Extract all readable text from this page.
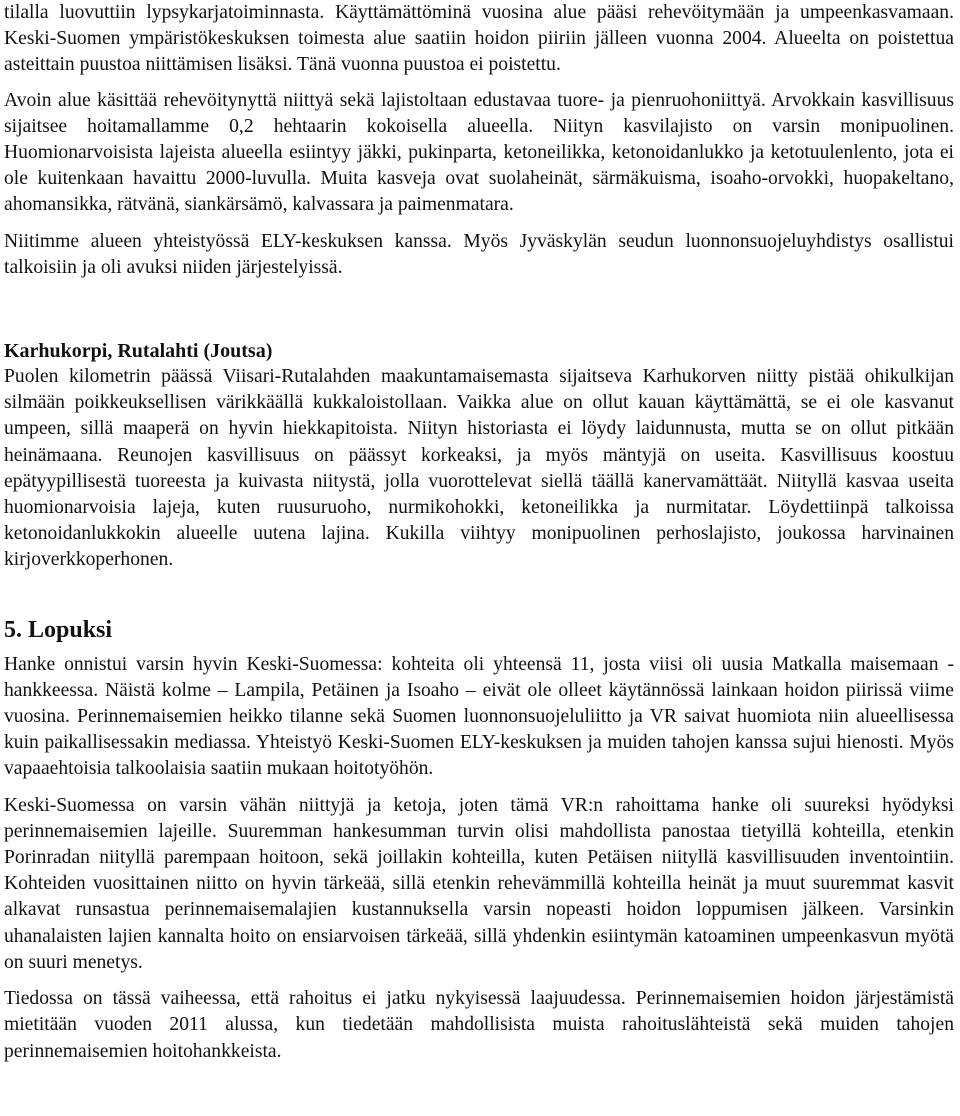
tilalla luovuttiin lypsykarjatoiminnasta. Käyttämättöminä vuosina alue pääsi rehevöitymään ja umpeenkasvamaan. Keski-Suomen ympäristökeskuksen toimesta alue saatiin hoidon piiriin jälleen vuonna 2004. Alueelta on poistettua asteittain puustoa niittämisen lisäksi. Tänä vuonna puustoa ei poistettu.

Avoin alue käsittää rehevöitynyttä niittyä sekä lajistoltaan edustavaa tuore- ja pienruohoniittyä. Arvokkain kasvillisuus sijaitsee hoitamallamme 0,2 hehtaarin kokoisella alueella. Niityn kasvilajisto on varsin monipuolinen. Huomionarvoisista lajeista alueella esiintyy jäkki, pukinparta, ketoneilikka, ketonoidanlukko ja ketotuulenlento, jota ei ole kuitenkaan havaittu 2000-luvulla. Muita kasveja ovat suolaheinät, särmäkuisma, isoaho-orvokki, huopakeltano, ahomansikka, rätvänä, siankärsämö, kalvassara ja paimenmatara.

Niitimme alueen yhteistyössä ELY-keskuksen kanssa. Myös Jyväskylän seudun luonnonsuojeluyhdistys osallistui talkoisiin ja oli avuksi niiden järjestelyissä.

Karhukorpi, Rutalahti (Joutsa)

Puolen kilometrin päässä Viisari-Rutalahden maakuntamaisemasta sijaitseva Karhukorven niitty pistää ohikulkijan silmään poikkeuksellisen värikkäällä kukkaloistollaan. Vaikka alue on ollut kauan käyttämättä, se ei ole kasvanut umpeen, sillä maaperä on hyvin hiekkapitoista. Niityn historiasta ei löydy laidunnusta, mutta se on ollut pitkään heinämaana. Reunojen kasvillisuus on päässyt korkeaksi, ja myös mäntyjä on useita. Kasvillisuus koostuu epätyypillisestä tuoreesta ja kuivasta niitystä, jolla vuorottelevat siellä täällä kanervamättäät. Niityllä kasvaa useita huomionarvoisia lajeja, kuten ruusuruoho, nurmikohokki, ketoneilikka ja nurmitatar. Löydettiinpä talkoissa ketonoidanlukkokin alueelle uutena lajina. Kukilla viihtyy monipuolinen perhoslajisto, joukossa harvinainen kirjoverkkoperhonen.

5. Lopuksi

Hanke onnistui varsin hyvin Keski-Suomessa: kohteita oli yhteensä 11, josta viisi oli uusia Matkalla maisemaan -hankkeessa. Näistä kolme – Lampila, Petäinen ja Isoaho – eivät ole olleet käytännössä lainkaan hoidon piirissä viime vuosina. Perinnemaisemien heikko tilanne sekä Suomen luonnonsuojeluliitto ja VR saivat huomiota niin alueellisessa kuin paikallisessakin mediassa. Yhteistyö Keski-Suomen ELY-keskuksen ja muiden tahojen kanssa sujui hienosti. Myös vapaaehtoisia talkoolaisia saatiin mukaan hoitotyöhön.

Keski-Suomessa on varsin vähän niittyjä ja ketoja, joten tämä VR:n rahoittama hanke oli suureksi hyödyksi perinnemaisemien lajeille. Suuremman hankesumman turvin olisi mahdollista panostaa tietyillä kohteilla, etenkin Porinradan niityllä parempaan hoitoon, sekä joillakin kohteilla, kuten Petäisen niityllä kasvillisuuden inventointiin. Kohteiden vuosittainen niitto on hyvin tärkeää, sillä etenkin rehevämmillä kohteilla heinät ja muut suuremmat kasvit alkavat runsastua perinnemaisemalajien kustannuksella varsin nopeasti hoidon loppumisen jälkeen. Varsinkin uhanalaisten lajien kannalta hoito on ensiarvoisen tärkeää, sillä yhdenkin esiintymän katoaminen umpeenkasvun myötä on suuri menetys.

Tiedossa on tässä vaiheessa, että rahoitus ei jatku nykyisessä laajuudessa. Perinnemaisemien hoidon järjestämistä mietitään vuoden 2011 alussa, kun tiedetään mahdollisista muista rahoituslähteistä sekä muiden tahojen perinnemaisemien hoitohankkeista.
